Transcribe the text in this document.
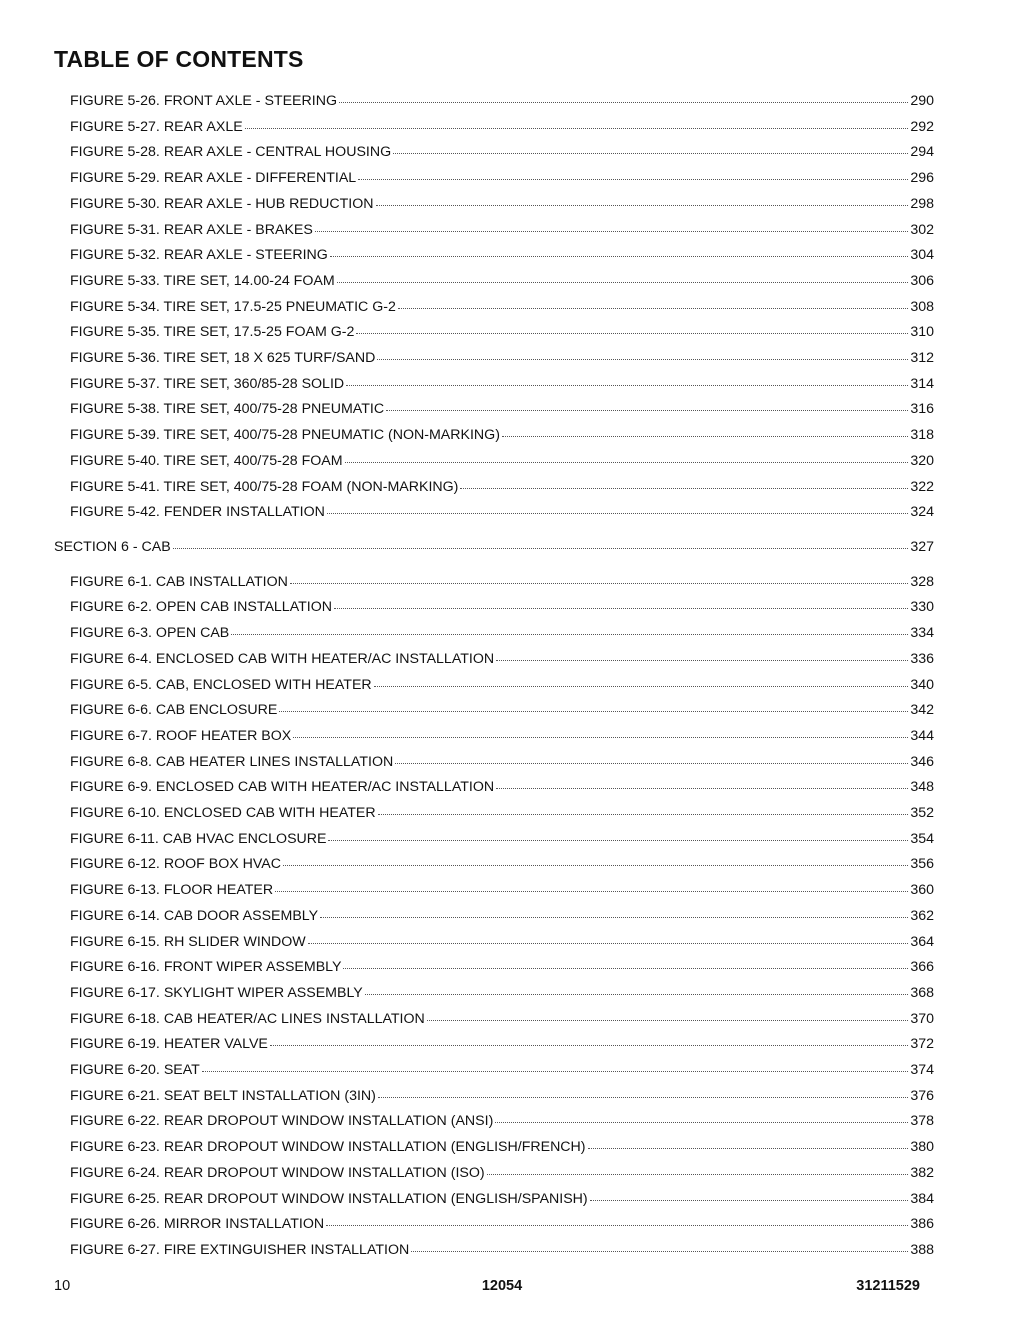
TABLE OF CONTENTS
FIGURE 5-26. FRONT AXLE - STEERING	290
FIGURE 5-27. REAR AXLE	292
FIGURE 5-28. REAR AXLE - CENTRAL HOUSING	294
FIGURE 5-29. REAR AXLE - DIFFERENTIAL	296
FIGURE 5-30. REAR AXLE - HUB REDUCTION	298
FIGURE 5-31. REAR AXLE - BRAKES	302
FIGURE 5-32. REAR AXLE - STEERING	304
FIGURE 5-33. TIRE SET, 14.00-24 FOAM	306
FIGURE 5-34. TIRE SET, 17.5-25 PNEUMATIC G-2	308
FIGURE 5-35. TIRE SET, 17.5-25 FOAM G-2	310
FIGURE 5-36. TIRE SET, 18 X 625 TURF/SAND	312
FIGURE 5-37. TIRE SET, 360/85-28 SOLID	314
FIGURE 5-38. TIRE SET, 400/75-28 PNEUMATIC	316
FIGURE 5-39. TIRE SET, 400/75-28 PNEUMATIC (NON-MARKING)	318
FIGURE 5-40. TIRE SET, 400/75-28 FOAM	320
FIGURE 5-41. TIRE SET, 400/75-28 FOAM (NON-MARKING)	322
FIGURE 5-42. FENDER INSTALLATION	324
SECTION 6 - CAB	327
FIGURE 6-1. CAB INSTALLATION	328
FIGURE 6-2. OPEN CAB INSTALLATION	330
FIGURE 6-3. OPEN CAB	334
FIGURE 6-4. ENCLOSED CAB WITH HEATER/AC INSTALLATION	336
FIGURE 6-5. CAB, ENCLOSED WITH HEATER	340
FIGURE 6-6. CAB ENCLOSURE	342
FIGURE 6-7. ROOF HEATER BOX	344
FIGURE 6-8. CAB HEATER LINES INSTALLATION	346
FIGURE 6-9. ENCLOSED CAB WITH HEATER/AC INSTALLATION	348
FIGURE 6-10. ENCLOSED CAB WITH HEATER	352
FIGURE 6-11. CAB HVAC ENCLOSURE	354
FIGURE 6-12. ROOF BOX HVAC	356
FIGURE 6-13. FLOOR HEATER	360
FIGURE 6-14. CAB DOOR ASSEMBLY	362
FIGURE 6-15. RH SLIDER WINDOW	364
FIGURE 6-16. FRONT WIPER ASSEMBLY	366
FIGURE 6-17. SKYLIGHT WIPER ASSEMBLY	368
FIGURE 6-18. CAB HEATER/AC LINES INSTALLATION	370
FIGURE 6-19. HEATER VALVE	372
FIGURE 6-20. SEAT	374
FIGURE 6-21. SEAT BELT INSTALLATION (3IN)	376
FIGURE 6-22. REAR DROPOUT WINDOW INSTALLATION (ANSI)	378
FIGURE 6-23. REAR DROPOUT WINDOW INSTALLATION (ENGLISH/FRENCH)	380
FIGURE 6-24. REAR DROPOUT WINDOW INSTALLATION (ISO)	382
FIGURE 6-25. REAR DROPOUT WINDOW INSTALLATION (ENGLISH/SPANISH)	384
FIGURE 6-26. MIRROR INSTALLATION	386
FIGURE 6-27. FIRE EXTINGUISHER INSTALLATION	388
10	12054	31211529
